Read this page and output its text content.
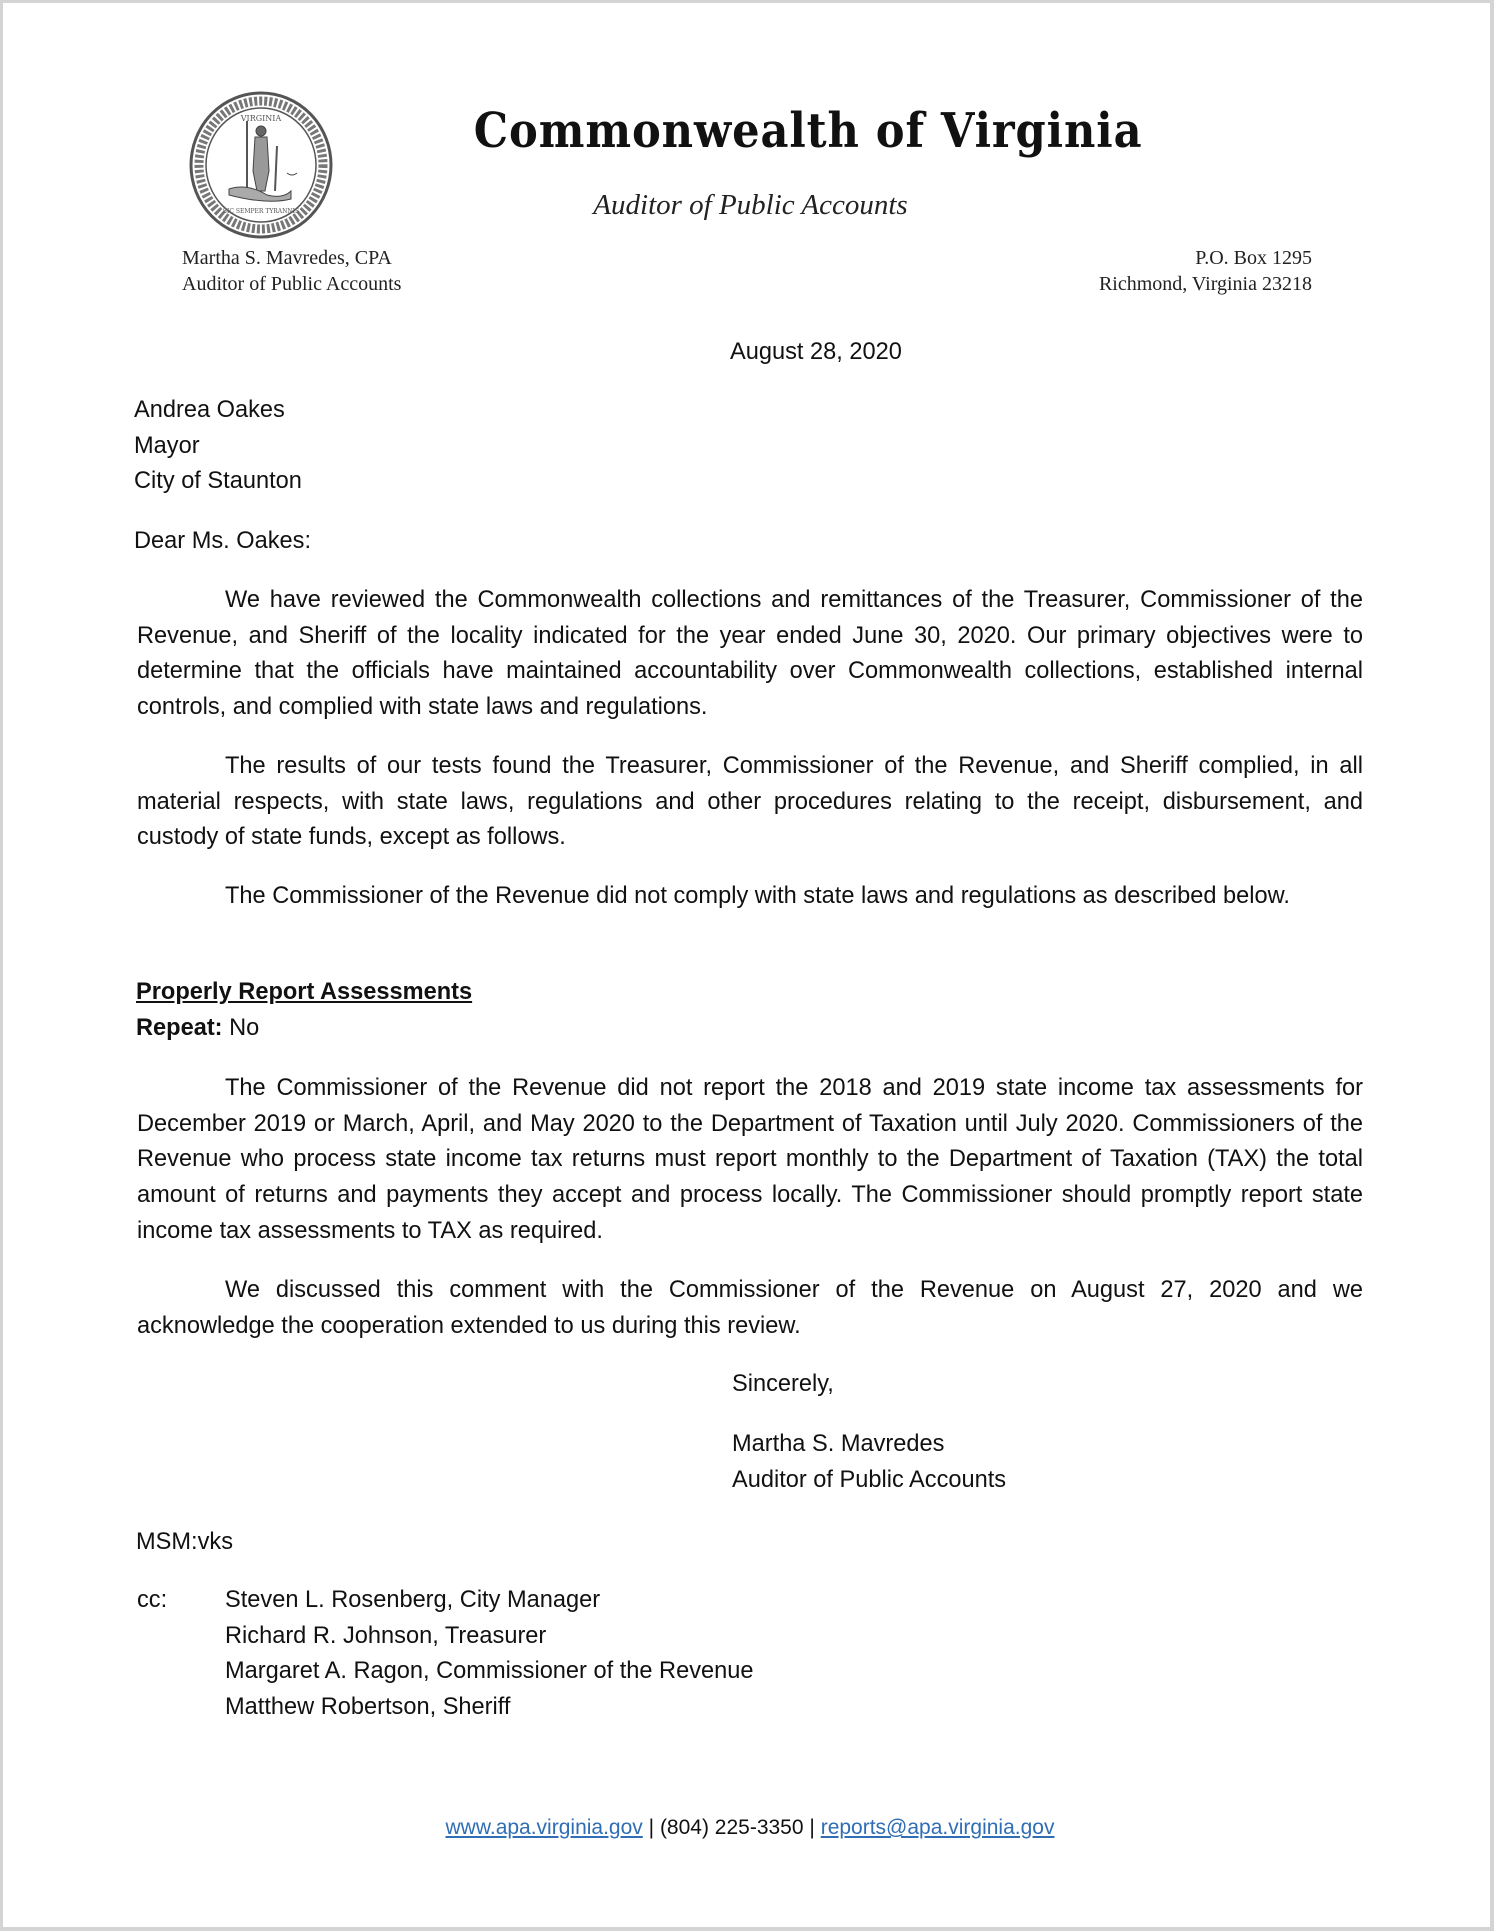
VIRGINIA
SIC SEMPER TYRANNIS
Commonwealth of Virginia
Auditor of Public Accounts
Martha S. Mavredes, CPA
Auditor of Public Accounts
P.O. Box 1295
Richmond, Virginia 23218
August 28, 2020
Andrea Oakes
Mayor
City of Staunton
Dear Ms. Oakes:
We have reviewed the Commonwealth collections and remittances of the Treasurer, Commissioner of the Revenue, and Sheriff of the locality indicated for the year ended June 30, 2020. Our primary objectives were to determine that the officials have maintained accountability over Commonwealth collections, established internal controls, and complied with state laws and regulations.
The results of our tests found the Treasurer, Commissioner of the Revenue, and Sheriff complied, in all material respects, with state laws, regulations and other procedures relating to the receipt, disbursement, and custody of state funds, except as follows.
The Commissioner of the Revenue did not comply with state laws and regulations as described below.
Properly Report Assessments
Repeat: No
The Commissioner of the Revenue did not report the 2018 and 2019 state income tax assessments for December 2019 or March, April, and May 2020 to the Department of Taxation until July 2020. Commissioners of the Revenue who process state income tax returns must report monthly to the Department of Taxation (TAX) the total amount of returns and payments they accept and process locally. The Commissioner should promptly report state income tax assessments to TAX as required.
We discussed this comment with the Commissioner of the Revenue on August 27, 2020 and we acknowledge the cooperation extended to us during this review.
Sincerely,
Martha S. Mavredes
Auditor of Public Accounts
MSM:vks
cc: Steven L. Rosenberg, City Manager
Richard R. Johnson, Treasurer
Margaret A. Ragon, Commissioner of the Revenue
Matthew Robertson, Sheriff
www.apa.virginia.gov | (804) 225-3350 | reports@apa.virginia.gov
